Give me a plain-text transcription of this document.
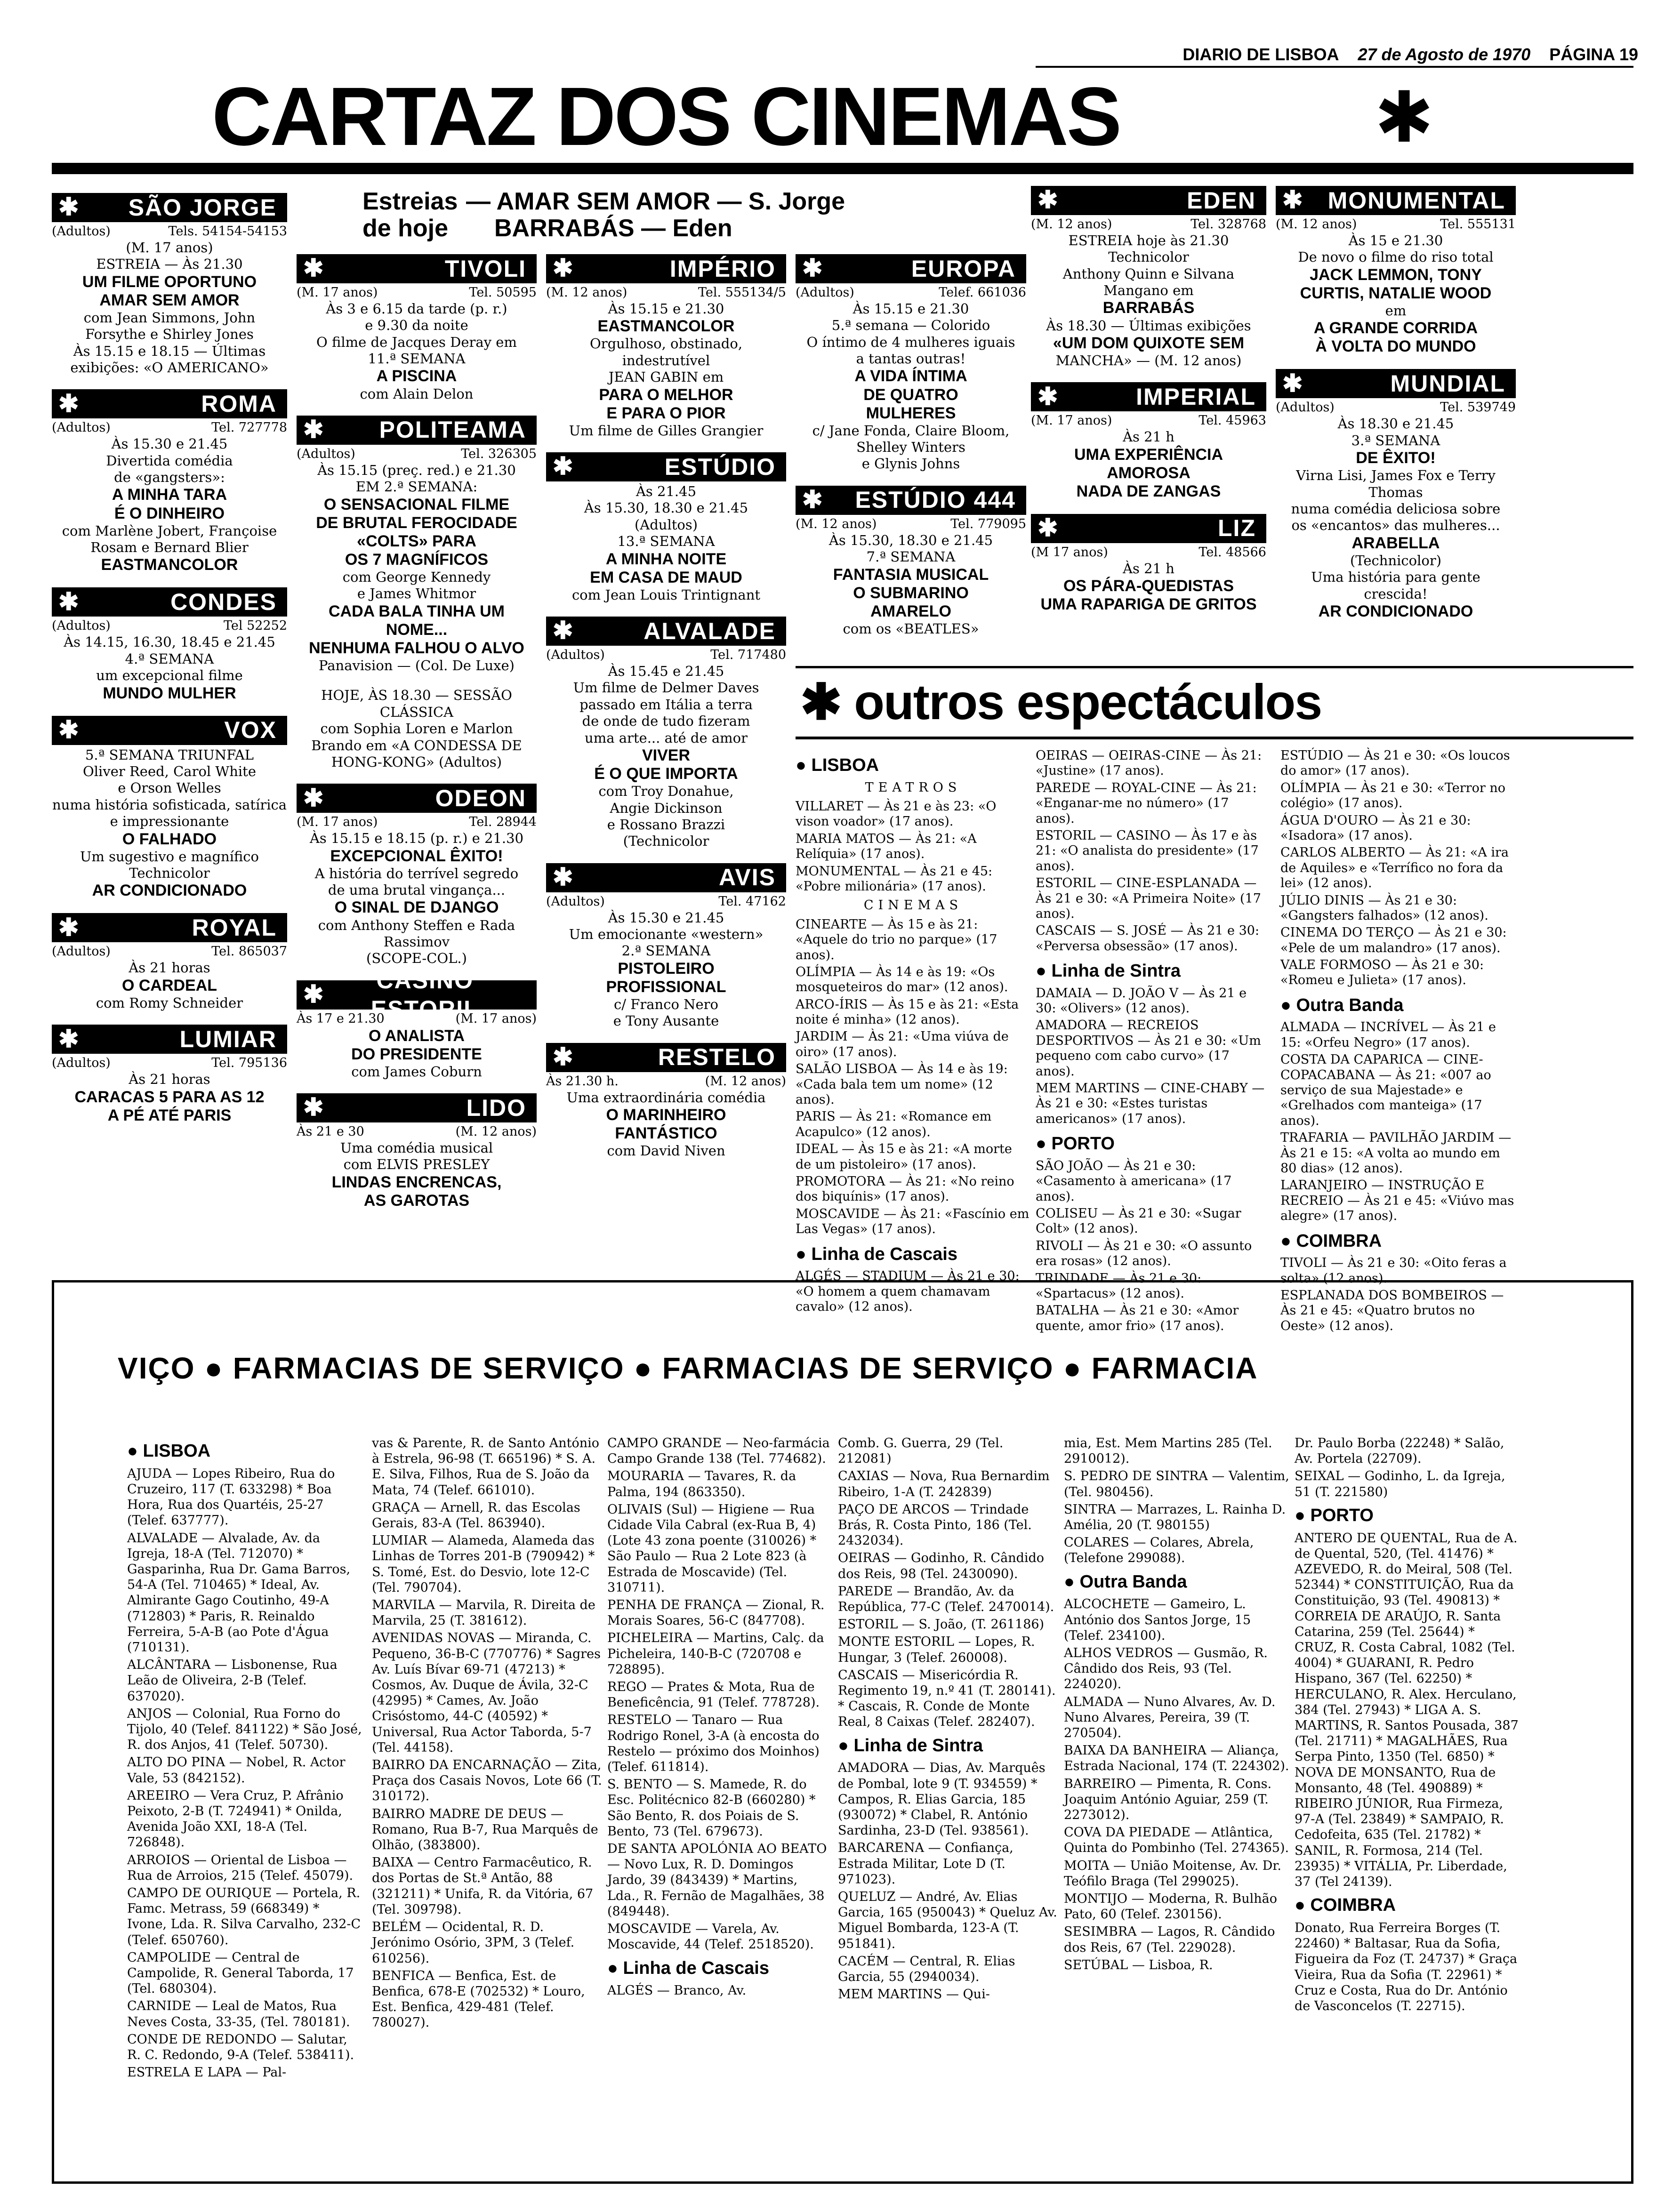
DIARIO DE LISBOA 27 de Agosto de 1970 PÁGINA 19
CARTAZ DOS CINEMAS	✱
✱ SÃO JORGE
(Adultos)	Tels. 54154-54153

(M. 17 anos)

ESTREIA — Às 21.30

UM FILME OPORTUNO

AMAR SEM AMOR

com Jean Simmons, John

Forsythe e Shirley Jones

Às 15.15 e 18.15 — Últimas exibições: «O AMERICANO»

✱	ROMA
(Adultos)	Tel. 727778

Às 15.30 e 21.45

Divertida comédia

de «gangsters»:

A MINHA TARA

É O DINHEIRO

com Marlène Jobert, Françoise Rosam e Bernard Blier

EASTMANCOLOR

✱	CONDES
(Adultos)	Tel 52252

Às 14.15, 16.30, 18.45 e 21.45

4.ª SEMANA

um excepcional filme

MUNDO MULHER

✱	VOX

5.ª SEMANA TRIUNFAL

Oliver Reed, Carol White

e Orson Welles

numa história sofisticada, satírica

e impressionante

O FALHADO

Um sugestivo e magnífico

Technicolor

AR CONDICIONADO

✱	ROYAL
(Adultos)	Tel. 865037

Às 21 horas

O CARDEAL

com Romy Schneider

✱	LUMIAR
(Adultos)	Tel. 795136

Às 21 horas

CARACAS 5 PARA AS 12

A PÉ ATÉ PARIS

Estreias de hoje
— AMAR SEM AMOR — S. Jorge
BARRABÁS — Eden
✱	TIVOLI
(M. 17 anos)	Tel. 50595

Às 3 e 6.15 da tarde (p. r.)

e 9.30 da noite

O filme de Jacques Deray em

11.ª SEMANA

A PISCINA

com Alain Delon

✱ POLITEAMA
(Adultos)	Tel. 326305

Às 15.15 (preç. red.) e 21.30

EM 2.ª SEMANA:

O SENSACIONAL FILME

DE BRUTAL FEROCIDADE

«COLTS» PARA

OS 7 MAGNÍFICOS

com George Kennedy

e James Whitmor

CADA BALA TINHA UM NOME...

NENHUMA FALHOU O ALVO

Panavision — (Col. De Luxe)

HOJE, ÀS 18.30 — SESSÃO CLÁSSICA

com Sophia Loren e Marlon Brando em «A CONDESSA DE HONG-KONG» (Adultos)

✱	ODEON
(M. 17 anos)	Tel. 28944

Às 15.15 e 18.15 (p. r.) e 21.30

EXCEPCIONAL ÊXITO!

A história do terrível segredo

de uma brutal vingança...

O SINAL DE DJANGO

com Anthony Steffen e Rada Rassimov

(SCOPE-COL.)

✱
CASINO ESTORIL
Às 17 e 21.30	(M. 17 anos)

O ANALISTA

DO PRESIDENTE

com James Coburn

✱	LIDO
Às 21 e 30	(M. 12 anos)

Uma comédia musical

com ELVIS PRESLEY

LINDAS ENCRENCAS,

AS GAROTAS

✱	IMPÉRIO
(M. 12 anos)	Tel. 555134/5

Às 15.15 e 21.30

EASTMANCOLOR

Orgulhoso, obstinado,

indestrutível

JEAN GABIN em

PARA O MELHOR

E PARA O PIOR

Um filme de Gilles Grangier

✱	ESTÚDIO

Às 21.45

Às 15.30, 18.30 e 21.45

(Adultos)

13.ª SEMANA

A MINHA NOITE

EM CASA DE MAUD

com Jean Louis Trintignant

✱	ALVALADE
(Adultos)	Tel. 717480

Às 15.45 e 21.45

Um filme de Delmer Daves

passado em Itália a terra

de onde de tudo fizeram

uma arte... até de amor

VIVER

É O QUE IMPORTA

com Troy Donahue,

Angie Dickinson

e Rossano Brazzi

(Technicolor

✱	AVIS
(Adultos)	Tel. 47162

Às 15.30 e 21.45

Um emocionante «western»

2.ª SEMANA

PISTOLEIRO

PROFISSIONAL

c/ Franco Nero

e Tony Ausante

✱	RESTELO
Às 21.30 h.	(M. 12 anos)

Uma extraordinária comédia

O MARINHEIRO

FANTÁSTICO

com David Niven

✱	EUROPA
(Adultos)	Telef. 661036

Às 15.15 e 21.30

5.ª semana — Colorido

O íntimo de 4 mulheres iguais

a tantas outras!

A VIDA ÍNTIMA

DE QUATRO

MULHERES

c/ Jane Fonda, Claire Bloom,

Shelley Winters

e Glynis Johns

✱ ESTÚDIO 444
(M. 12 anos)	Tel. 779095

Às 15.30, 18.30 e 21.45

7.ª SEMANA

FANTASIA MUSICAL

O SUBMARINO

AMARELO

com os «BEATLES»

✱	EDEN
(M. 12 anos)	Tel. 328768

ESTREIA hoje às 21.30

Technicolor

Anthony Quinn e Silvana

Mangano em

BARRABÁS

Às 18.30 — Últimas exibições

«UM DOM QUIXOTE SEM

MANCHA» — (M. 12 anos)

✱	IMPERIAL
(M. 17 anos)	Tel. 45963

Às 21 h

UMA EXPERIÊNCIA

AMOROSA

NADA DE ZANGAS

✱	LIZ
(M 17 anos)	Tel. 48566

Às 21 h

OS PÁRA-QUEDISTAS

UMA RAPARIGA DE GRITOS

✱ MONUMENTAL
(M. 12 anos)	Tel. 555131

Às 15 e 21.30

De novo o filme do riso total

JACK LEMMON, TONY

CURTIS, NATALIE WOOD

em

A GRANDE CORRIDA

À VOLTA DO MUNDO

✱	MUNDIAL
(Adultos)	Tel. 539749

Às 18.30 e 21.45

3.ª SEMANA

DE ÊXITO!

Virna Lisi, James Fox e Terry

Thomas

numa comédia deliciosa sobre

os «encantos» das mulheres...

ARABELLA

(Technicolor)

Uma história para gente

crescida!

AR CONDICIONADO

✱ outros espectáculos
● LISBOA
TEATROS

VILLARET — Às 21 e às 23: «O vison voador» (17 anos).

MARIA MATOS — Às 21: «A Relíquia» (17 anos).

MONUMENTAL — Às 21 e 45: «Pobre milionária» (17 anos).

CINEMAS

CINEARTE — Às 15 e às 21: «Aquele do trio no parque» (17 anos).

OLÍMPIA — Às 14 e às 19: «Os mosqueteiros do mar» (12 anos).

ARCO-ÍRIS — Às 15 e às 21: «Esta noite é minha» (12 anos).

JARDIM — Às 21: «Uma viúva de oiro» (17 anos).

SALÃO LISBOA — Às 14 e às 19: «Cada bala tem um nome» (12 anos).

PARIS — Às 21: «Romance em Acapulco» (12 anos).

IDEAL — Às 15 e às 21: «A morte de um pistoleiro» (17 anos).

PROMOTORA — Às 21: «No reino dos biquínis» (17 anos).

MOSCAVIDE — Às 21: «Fascínio em Las Vegas» (17 anos).

● Linha de Cascais

ALGÉS — STADIUM — Às 21 e 30: «O homem a quem chamavam cavalo» (12 anos).

OEIRAS — OEIRAS-CINE — Às 21: «Justine» (17 anos).

PAREDE — ROYAL-CINE — Às 21: «Enganar-me no número» (17 anos).

ESTORIL — CASINO — Às 17 e às 21: «O analista do presidente» (17 anos).

ESTORIL — CINE-ESPLANADA — Às 21 e 30: «A Primeira Noite» (17 anos).

CASCAIS — S. JOSÉ — Às 21 e 30: «Perversa obsessão» (17 anos).

● Linha de Sintra

DAMAIA — D. JOÃO V — Às 21 e 30: «Olivers» (12 anos).

AMADORA — RECREIOS DESPORTIVOS — Às 21 e 30: «Um pequeno com cabo curvo» (17 anos).

MEM MARTINS — CINE-CHABY — Às 21 e 30: «Estes turistas americanos» (17 anos).

● PORTO

SÃO JOÃO — Às 21 e 30: «Casamento à americana» (17 anos).

COLISEU — Às 21 e 30: «Sugar Colt» (12 anos).

RIVOLI — Às 21 e 30: «O assunto era rosas» (12 anos).

TRINDADE — Às 21 e 30: «Spartacus» (12 anos).

BATALHA — Às 21 e 30: «Amor quente, amor frio» (17 anos).

ESTÚDIO — Às 21 e 30: «Os loucos do amor» (17 anos).

OLÍMPIA — Às 21 e 30: «Terror no colégio» (17 anos).

ÁGUA D'OURO — Às 21 e 30: «Isadora» (17 anos).

CARLOS ALBERTO — Às 21: «A ira de Aquiles» e «Terrífico no fora da lei» (12 anos).

JÚLIO DINIS — Às 21 e 30: «Gangsters falhados» (12 anos).

CINEMA DO TERÇO — Às 21 e 30: «Pele de um malandro» (17 anos).

VALE FORMOSO — Às 21 e 30: «Romeu e Julieta» (17 anos).

● Outra Banda

ALMADA — INCRÍVEL — Às 21 e 15: «Orfeu Negro» (17 anos).

COSTA DA CAPARICA — CINE-COPACABANA — Às 21: «007 ao serviço de sua Majestade» e «Grelhados com manteiga» (17 anos).

TRAFARIA — PAVILHÃO JARDIM — Às 21 e 15: «A volta ao mundo em 80 dias» (12 anos).

LARANJEIRO — INSTRUÇÃO E RECREIO — Às 21 e 45: «Viúvo mas alegre» (17 anos).

● COIMBRA

TIVOLI — Às 21 e 30: «Oito feras a solta» (12 anos).

ESPLANADA DOS BOMBEIROS — Às 21 e 45: «Quatro brutos no Oeste» (12 anos).

VIÇO ● FARMACIAS DE SERVIÇO ● FARMACIAS DE SERVIÇO ● FARMACIA
● LISBOA

AJUDA — Lopes Ribeiro, Rua do Cruzeiro, 117 (T. 633298) * Boa Hora, Rua dos Quartéis, 25-27 (Telef. 637777).

ALVALADE — Alvalade, Av. da Igreja, 18-A (Tel. 712070) * Gasparinha, Rua Dr. Gama Barros, 54-A (Tel. 710465) * Ideal, Av. Almirante Gago Coutinho, 49-A (712803) * Paris, R. Reinaldo Ferreira, 5-A-B (ao Pote d'Água (710131).

ALCÂNTARA — Lisbonense, Rua Leão de Oliveira, 2-B (Telef. 637020).

ANJOS — Colonial, Rua Forno do Tijolo, 40 (Telef. 841122) * São José, R. dos Anjos, 41 (Telef. 50730).

ALTO DO PINA — Nobel, R. Actor Vale, 53 (842152).

AREEIRO — Vera Cruz, P. Afrânio Peixoto, 2-B (T. 724941) * Onilda, Avenida João XXI, 18-A (Tel. 726848).

ARROIOS — Oriental de Lisboa — Rua de Arroios, 215 (Telef. 45079).

CAMPO DE OURIQUE — Portela, R. Famc. Metrass, 59 (668349) * Ivone, Lda. R. Silva Carvalho, 232-C (Telef. 650760).

CAMPOLIDE — Central de Campolide, R. General Taborda, 17 (Tel. 680304).

CARNIDE — Leal de Matos, Rua Neves Costa, 33-35, (Tel. 780181).

CONDE DE REDONDO — Salutar, R. C. Redondo, 9-A (Telef. 538411).

ESTRELA E LAPA — Pal-

vas & Parente, R. de Santo António à Estrela, 96-98 (T. 665196) * S. A. E. Silva, Filhos, Rua de S. João da Mata, 74 (Telef. 661010).

GRAÇA — Arnell, R. das Escolas Gerais, 83-A (Tel. 863940).

LUMIAR — Alameda, Alameda das Linhas de Torres 201-B (790942) * S. Tomé, Est. do Desvio, lote 12-C (Tel. 790704).

MARVILA — Marvila, R. Direita de Marvila, 25 (T. 381612).

AVENIDAS NOVAS — Miranda, C. Pequeno, 36-B-C (770776) * Sagres Av. Luís Bívar 69-71 (47213) * Cosmos, Av. Duque de Ávila, 32-C (42995) * Cames, Av. João Crisóstomo, 44-C (40592) * Universal, Rua Actor Taborda, 5-7 (Tel. 44158).

BAIRRO DA ENCARNAÇÃO — Zita, Praça dos Casais Novos, Lote 66 (T. 310172).

BAIRRO MADRE DE DEUS — Romano, Rua B-7, Rua Marquês de Olhão, (383800).

BAIXA — Centro Farmacêutico, R. dos Portas de St.ª Antão, 88 (321211) * Unifa, R. da Vitória, 67 (Tel. 309798).

BELÉM — Ocidental, R. D. Jerónimo Osório, 3PM, 3 (Telef. 610256).

BENFICA — Benfica, Est. de Benfica, 678-E (702532) * Louro, Est. Benfica, 429-481 (Telef. 780027).

CAMPO GRANDE — Neo-farmácia Campo Grande 138 (Tel. 774682).

MOURARIA — Tavares, R. da Palma, 194 (863350).

OLIVAIS (Sul) — Higiene — Rua Cidade Vila Cabral (ex-Rua B, 4) (Lote 43 zona poente (310026) * São Paulo — Rua 2 Lote 823 (à Estrada de Moscavide) (Tel. 310711).

PENHA DE FRANÇA — Zional, R. Morais Soares, 56-C (847708).

PICHELEIRA — Martins, Calç. da Picheleira, 140-B-C (720708 e 728895).

REGO — Prates & Mota, Rua de Beneficência, 91 (Telef. 778728).

RESTELO — Tanaro — Rua Rodrigo Ronel, 3-A (à encosta do Restelo — próximo dos Moinhos) (Telef. 611814).

S. BENTO — S. Mamede, R. do Esc. Politécnico 82-B (660280) * São Bento, R. dos Poiais de S. Bento, 73 (Tel. 679673).

DE SANTA APOLÓNIA AO BEATO — Novo Lux, R. D. Domingos Jardo, 39 (843439) * Martins, Lda., R. Fernão de Magalhães, 38 (849448).

MOSCAVIDE — Varela, Av. Moscavide, 44 (Telef. 2518520).

● Linha de Cascais

ALGÉS — Branco, Av.

Comb. G. Guerra, 29 (Tel. 212081)

CAXIAS — Nova, Rua Bernardim Ribeiro, 1-A (T. 242839)

PAÇO DE ARCOS — Trindade Brás, R. Costa Pinto, 186 (Tel. 2432034).

OEIRAS — Godinho, R. Cândido dos Reis, 98 (Tel. 2430090).

PAREDE — Brandão, Av. da República, 77-C (Telef. 2470014).

ESTORIL — S. João, (T. 261186)

MONTE ESTORIL — Lopes, R. Hungar, 3 (Telef. 260008).

CASCAIS — Misericórdia R. Regimento 19, n.º 41 (T. 280141). * Cascais, R. Conde de Monte Real, 8 Caixas (Telef. 282407).

● Linha de Sintra

AMADORA — Dias, Av. Marquês de Pombal, lote 9 (T. 934559) * Campos, R. Elias Garcia, 185 (930072) * Clabel, R. António Sardinha, 23-D (Tel. 938561).

BARCARENA — Confiança, Estrada Militar, Lote D (T. 971023).

QUELUZ — André, Av. Elias Garcia, 165 (950043) * Queluz Av. Miguel Bombarda, 123-A (T. 951841).

CACÉM — Central, R. Elias Garcia, 55 (2940034).

MEM MARTINS — Qui-

mia, Est. Mem Martins 285 (Tel. 2910012).

S. PEDRO DE SINTRA — Valentim, (Tel. 980456).

SINTRA — Marrazes, L. Rainha D. Amélia, 20 (T. 980155)

COLARES — Colares, Abrela, (Telefone 299088).

● Outra Banda

ALCOCHETE — Gameiro, L. António dos Santos Jorge, 15 (Telef. 234100).

ALHOS VEDROS — Gusmão, R. Cândido dos Reis, 93 (Tel. 224020).

ALMADA — Nuno Alvares, Av. D. Nuno Alvares, Pereira, 39 (T. 270504).

BAIXA DA BANHEIRA — Aliança, Estrada Nacional, 174 (T. 224302).

BARREIRO — Pimenta, R. Cons. Joaquim António Aguiar, 259 (T. 2273012).

COVA DA PIEDADE — Atlântica, Quinta do Pombinho (Tel. 274365).

MOITA — União Moitense, Av. Dr. Teófilo Braga (Tel 299025).

MONTIJO — Moderna, R. Bulhão Pato, 60 (Telef. 230156).

SESIMBRA — Lagos, R. Cândido dos Reis, 67 (Tel. 229028).

SETÚBAL — Lisboa, R.

Dr. Paulo Borba (22248) * Salão, Av. Portela (22709).

SEIXAL — Godinho, L. da Igreja, 51 (T. 221580)

● PORTO

ANTERO DE QUENTAL, Rua de A. de Quental, 520, (Tel. 41476) * AZEVEDO, R. do Meiral, 508 (Tel. 52344) * CONSTITUIÇÃO, Rua da Constituição, 93 (Tel. 490813) * CORREIA DE ARAÚJO, R. Santa Catarina, 259 (Tel. 25644) * CRUZ, R. Costa Cabral, 1082 (Tel. 4004) * GUARANI, R. Pedro Hispano, 367 (Tel. 62250) * HERCULANO, R. Alex. Herculano, 384 (Tel. 27943) * LIGA A. S. MARTINS, R. Santos Pousada, 387 (Tel. 21711) * MAGALHÃES, Rua Serpa Pinto, 1350 (Tel. 6850) * NOVA DE MONSANTO, Rua de Monsanto, 48 (Tel. 490889) * RIBEIRO JÚNIOR, Rua Firmeza, 97-A (Tel. 23849) * SAMPAIO, R. Cedofeita, 635 (Tel. 21782) * SANIL, R. Formosa, 214 (Tel. 23935) * VITÁLIA, Pr. Liberdade, 37 (Tel 24139).

● COIMBRA

Donato, Rua Ferreira Borges (T. 22460) * Baltasar, Rua da Sofia, Figueira da Foz (T. 24737) * Graça Vieira, Rua da Sofia (T. 22961) * Cruz e Costa, Rua do Dr. António de Vasconcelos (T. 22715).
